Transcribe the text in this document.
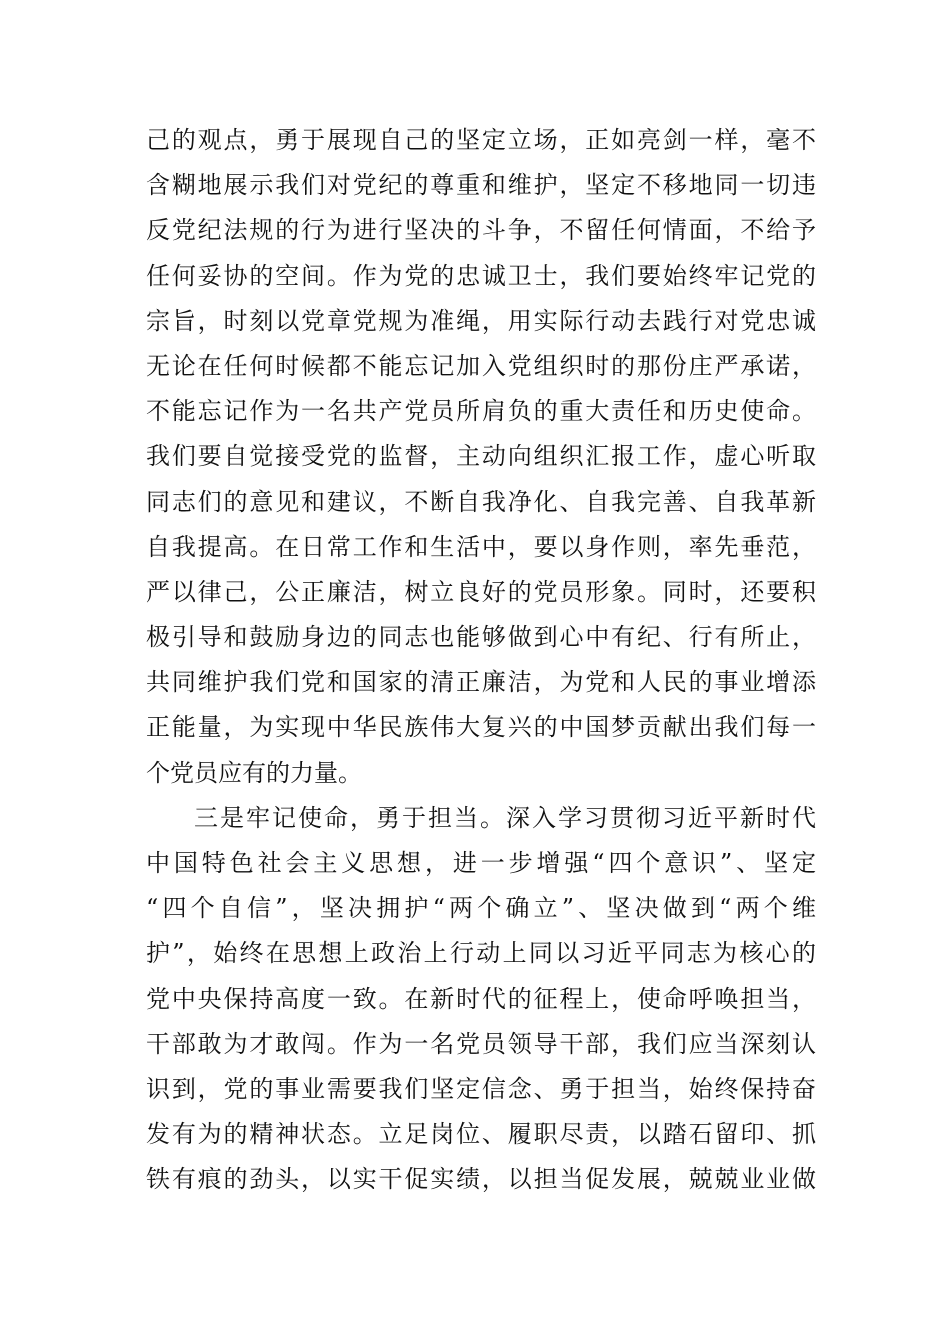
己的观点，勇于展现自己的坚定立场，正如亮剑一样，毫不
含糊地展示我们对党纪的尊重和维护，坚定不移地同一切违
反党纪法规的行为进行坚决的斗争，不留任何情面，不给予
任何妥协的空间。作为党的忠诚卫士，我们要始终牢记党的
宗旨，时刻以党章党规为准绳，用实际行动去践行对党忠诚
无论在任何时候都不能忘记加入党组织时的那份庄严承诺，
不能忘记作为一名共产党员所肩负的重大责任和历史使命。
我们要自觉接受党的监督，主动向组织汇报工作，虚心听取
同志们的意见和建议，不断自我净化、自我完善、自我革新
自我提高。在日常工作和生活中，要以身作则，率先垂范，
严以律己，公正廉洁，树立良好的党员形象。同时，还要积
极引导和鼓励身边的同志也能够做到心中有纪、行有所止，
共同维护我们党和国家的清正廉洁，为党和人民的事业增添
正能量，为实现中华民族伟大复兴的中国梦贡献出我们每一
个党员应有的力量。
三是牢记使命，勇于担当。深入学习贯彻习近平新时代
中国特色社会主义思想，进一步增强“四个意识”、坚定
“四个自信”，坚决拥护“两个确立”、坚决做到“两个维
护”，始终在思想上政治上行动上同以习近平同志为核心的
党中央保持高度一致。在新时代的征程上，使命呼唤担当，
干部敢为才敢闯。作为一名党员领导干部，我们应当深刻认
识到，党的事业需要我们坚定信念、勇于担当，始终保持奋
发有为的精神状态。立足岗位、履职尽责，以踏石留印、抓
铁有痕的劲头，以实干促实绩，以担当促发展，兢兢业业做
